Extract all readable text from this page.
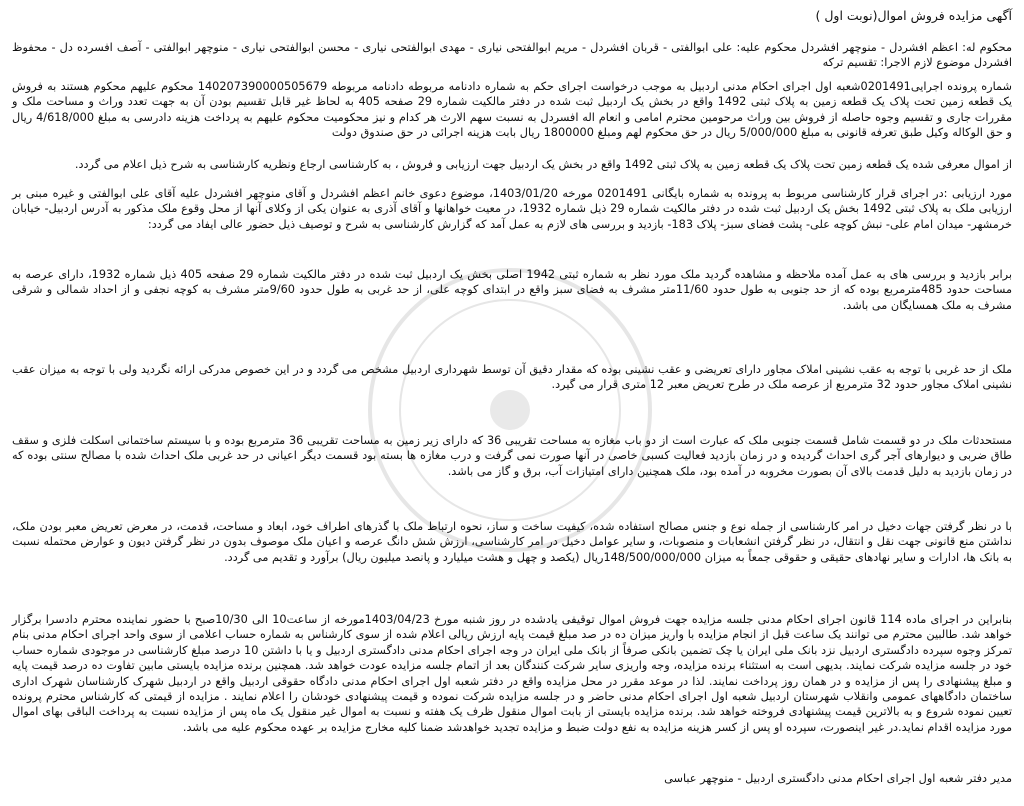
آگهی مزایده فروش اموال(نوبت اول )
محکوم له: اعظم افشردل - منوچهر افشردل محکوم علیه: علی ابوالفتی - قربان افشردل - مریم ابوالفتحی نیاری - مهدی ابوالفتحی نیاری - محسن ابوالفتحی نیاری - منوچهر ابوالفتی - آصف افسرده دل - محفوظ افشردل موضوع لازم الاجرا: تقسیم ترکه
شماره پرونده اجرایی0201491شعبه اول اجرای احکام مدنی اردبیل به موجب درخواست اجرای حکم به شماره دادنامه مربوطه دادنامه مربوطه 140207390000505679 محکوم علیهم محکوم هستند به فروش یک قطعه زمین تحت پلاک یک قطعه زمین به پلاک ثبتی 1492 واقع در بخش یک اردبیل ثبت شده در دفتر مالکیت شماره 29 صفحه 405 به لحاظ غیر قابل تقسیم بودن آن به جهت تعدد وراث و مساحت ملک و مقررات جاری و تقسیم وجوه حاصله از فروش بین وراث مرحومین محترم امامی و انعام اله افسردل به نسبت سهم الارث هر کدام و نیز محکومیت محکوم علیهم به پرداخت هزینه دادرسی به مبلغ 4/618/000 ریال و حق الوکاله وکیل طبق تعرفه قانونی به مبلغ 5/000/000 ریال در حق محکوم لهم ومبلغ 1800000 ریال بابت هزینه اجرائی در حق صندوق دولت
از اموال معرفی شده یک قطعه زمین تحت پلاک یک قطعه زمین به پلاک ثبتی 1492 واقع در بخش یک اردبیل جهت ارزیابی و فروش ، به کارشناسی ارجاع ونظریه کارشناسی به شرح ذیل اعلام می گردد.
مورد ارزیابی :در اجرای قرار کارشناسی مربوط به پرونده به شماره بایگانی 0201491 مورخه 1403/01/20، موضوع دعوی خانم اعظم افشردل و آقای منوچهر افشردل علیه آقای علی ابوالفتی و غیره مبنی بر ارزیابی ملک به پلاک ثبتی 1492 بخش یک اردبیل ثبت شده در دفتر مالکیت شماره 29 ذیل شماره 1932، در معیت خواهانها و آقای آذری به عنوان یکی از وکلای آنها از محل وقوع ملک مذکور به آدرس اردبیل- خیابان خرمشهر- میدان امام علی- نبش کوچه علی- پشت فضای سبز- پلاک 183- بازدید و بررسی های لازم به عمل آمد که گزارش کارشناسی به شرح و توصیف ذیل حضور عالی ایفاد می گردد:
برابر بازدید و بررسی های به عمل آمده ملاحظه و مشاهده گردید ملک مورد نظر به شماره ثبتی 1942 اصلی بخش یک اردبیل ثبت شده در دفتر مالکیت شماره 29 صفحه 405 ذیل شماره 1932، دارای عرصه به مساحت حدود 485مترمربع بوده که از حد جنوبی به طول حدود 11/60متر مشرف به فضای سبز واقع در ابتدای کوچه علی، از حد غربی به طول حدود 9/60متر مشرف به کوچه نجفی و از احداد شمالی و شرقی مشرف به ملک همسایگان می باشد.
ملک از حد غربی با توجه به عقب نشینی املاک مجاور دارای تعریضی و عقب نشینی بوده که مقدار دقیق آن توسط شهرداری اردبیل مشخص می گردد و در این خصوص مدرکی ارائه نگردید ولی با توجه به میزان عقب نشینی املاک مجاور حدود 32 مترمربع از عرصه ملک در طرح تعریض معبر 12 متری قرار می گیرد.
مستحدثات ملک در دو قسمت شامل قسمت جنوبی ملک که عبارت است از دو باب مغازه به مساحت تقریبی 36 که دارای زیر زمین به مساحت تقریبی 36 مترمربع بوده و با سیستم ساختمانی اسکلت فلزی و سقف طاق ضربی و دیوارهای آجر گری احداث گردیده و در زمان بازدید فعالیت کسبی خاصی در آنها صورت نمی گرفت و درب مغازه ها بسته بود قسمت دیگر اعیانی در حد غربی ملک احداث شده با مصالح سنتی بوده که در زمان بازدید به دلیل قدمت بالای آن بصورت مخروبه در آمده بود، ملک همچنین دارای امتیازات آب، برق و گاز می باشد.
با در نظر گرفتن جهات دخیل در امر کارشناسی از جمله نوع و جنس مصالح استفاده شده، کیفیت ساخت و ساز، نحوه ارتباط ملک با گذرهای اطراف خود، ابعاد و مساحت، قدمت، در معرض تعریض معبر بودن ملک، نداشتن منع قانونی جهت نقل و انتقال، در نظر گرفتن انشعابات و منصوبات، و سایر عوامل دخیل در امر کارشناسی، ارزش شش دانگ عرصه و اعیان ملک موصوف بدون در نظر گرفتن دیون و عوارض محتمله نسبت به بانک ها، ادارات و سایر نهادهای حقیقی و حقوقی جمعاً به میزان 148/500/000/000ریال (یکصد و چهل و هشت میلیارد و پانصد میلیون ریال) برآورد و تقدیم می گردد.
بنابراین در اجرای ماده 114 قانون اجرای احکام مدنی جلسه مزایده جهت فروش اموال توقیفی یادشده در روز شنبه مورخ 1403/04/23مورخه از ساعت10 الی 10/30صبح با حضور نماینده محترم دادسرا برگزار خواهد شد. طالبین محترم می توانند یک ساعت قبل از انجام مزایده با واریز میزان ده در صد مبلغ قیمت پایه ارزش ریالی اعلام شده از سوی کارشناس به شماره حساب اعلامی از سوی واحد اجرای احکام مدنی بنام تمرکز وجوه سپرده دادگستری اردبیل نزد بانک ملی ایران یا چک تضمین بانکی صرفاً از بانک ملی ایران در وجه اجرای احکام مدنی دادگستری اردبیل و یا با داشتن 10 درصد مبلغ کارشناسی در موجودی شماره حساب خود در جلسه مزایده شرکت نمایند. بدیهی است به استثناء برنده مزایده، وجه واریزی سایر شرکت کنندگان بعد از اتمام جلسه مزایده عودت خواهد شد. همچنین برنده مزایده بایستی مابین تفاوت ده درصد قیمت پایه و مبلغ پیشنهادی را پس از مزایده و در همان روز پرداخت نمایند. لذا در موعد مقرر در محل مزایده واقع در دفتر شعبه اول اجرای احکام مدنی دادگاه حقوقی اردبیل واقع در اردبیل شهرک کارشناسان شهرک اداری ساختمان دادگاههای عمومی وانقلاب شهرستان اردبیل شعبه اول اجرای احکام مدنی حاضر و در جلسه مزایده شرکت نموده و قیمت پیشنهادی خودشان را اعلام نمایند . مزایده از قیمتی که کارشناس محترم پرونده تعیین نموده شروع و به بالاترین قیمت پیشنهادی فروخته خواهد شد. برنده مزایده بایستی از بابت اموال منقول ظرف یک هفته و نسبت به اموال غیر منقول یک ماه پس از مزایده نسبت به پرداخت الباقی بهای اموال مورد مزایده اقدام نماید.در غیر اینصورت، سپرده او پس از کسر هزینه مزایده به نفع دولت ضبط و مزایده تجدید خواهدشد ضمنا کلیه مخارج مزایده بر عهده محکوم علیه می باشد.
مدیر دفتر شعبه اول اجرای احکام مدنی دادگستری اردبیل - منوچهر عباسی
